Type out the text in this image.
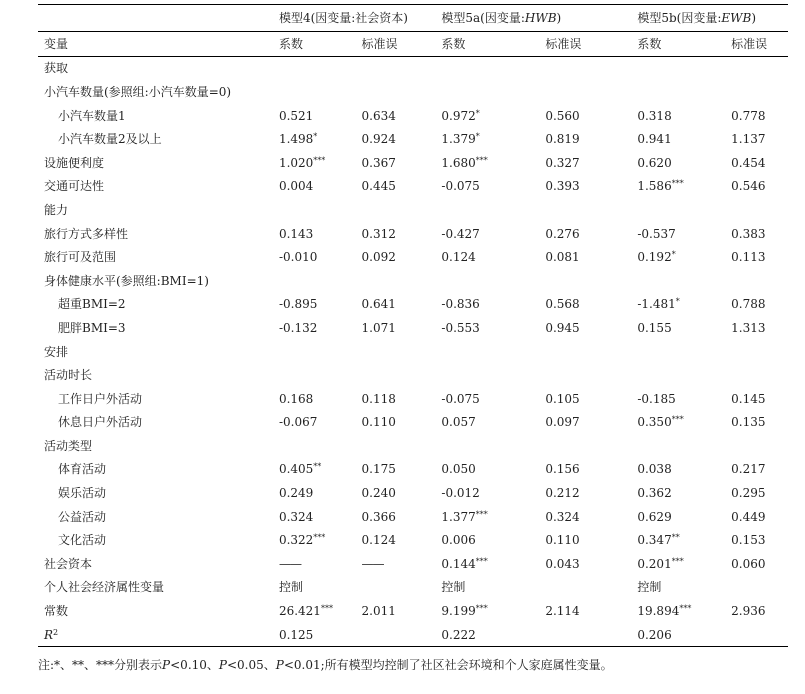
	模型4(因变量:社会资本)		模型5a(因变量:HWB)		模型5b(因变量:EWB)	
变量	系数	标准误	系数	标准误	系数	标准误
获取						
小汽车数量(参照组:小汽车数量=0)						
小汽车数量1	0.521	0.634	0.972*	0.560	0.318	0.778
小汽车数量2及以上	1.498*	0.924	1.379*	0.819	0.941	1.137
设施便利度	1.020***	0.367	1.680***	0.327	0.620	0.454
交通可达性	0.004	0.445	-0.075	0.393	1.586***	0.546
能力						
旅行方式多样性	0.143	0.312	-0.427	0.276	-0.537	0.383
旅行可及范围	-0.010	0.092	0.124	0.081	0.192*	0.113
身体健康水平(参照组:BMI=1)						
超重BMI=2	-0.895	0.641	-0.836	0.568	-1.481*	0.788
肥胖BMI=3	-0.132	1.071	-0.553	0.945	0.155	1.313
安排						
活动时长						
工作日户外活动	0.168	0.118	-0.075	0.105	-0.185	0.145
休息日户外活动	-0.067	0.110	0.057	0.097	0.350***	0.135
活动类型						
体育活动	0.405**	0.175	0.050	0.156	0.038	0.217
娱乐活动	0.249	0.240	-0.012	0.212	0.362	0.295
公益活动	0.324	0.366	1.377***	0.324	0.629	0.449
文化活动	0.322***	0.124	0.006	0.110	0.347**	0.153
社会资本	——	——	0.144***	0.043	0.201***	0.060
个人社会经济属性变量	控制		控制		控制	
常数	26.421***	2.011	9.199***	2.114	19.894***	2.936
$R^2$	0.125		0.222		0.206	
注:*、**、***分别表示P<0.10、P<0.05、P<0.01;所有模型均控制了社区社会环境和个人家庭属性变量。
